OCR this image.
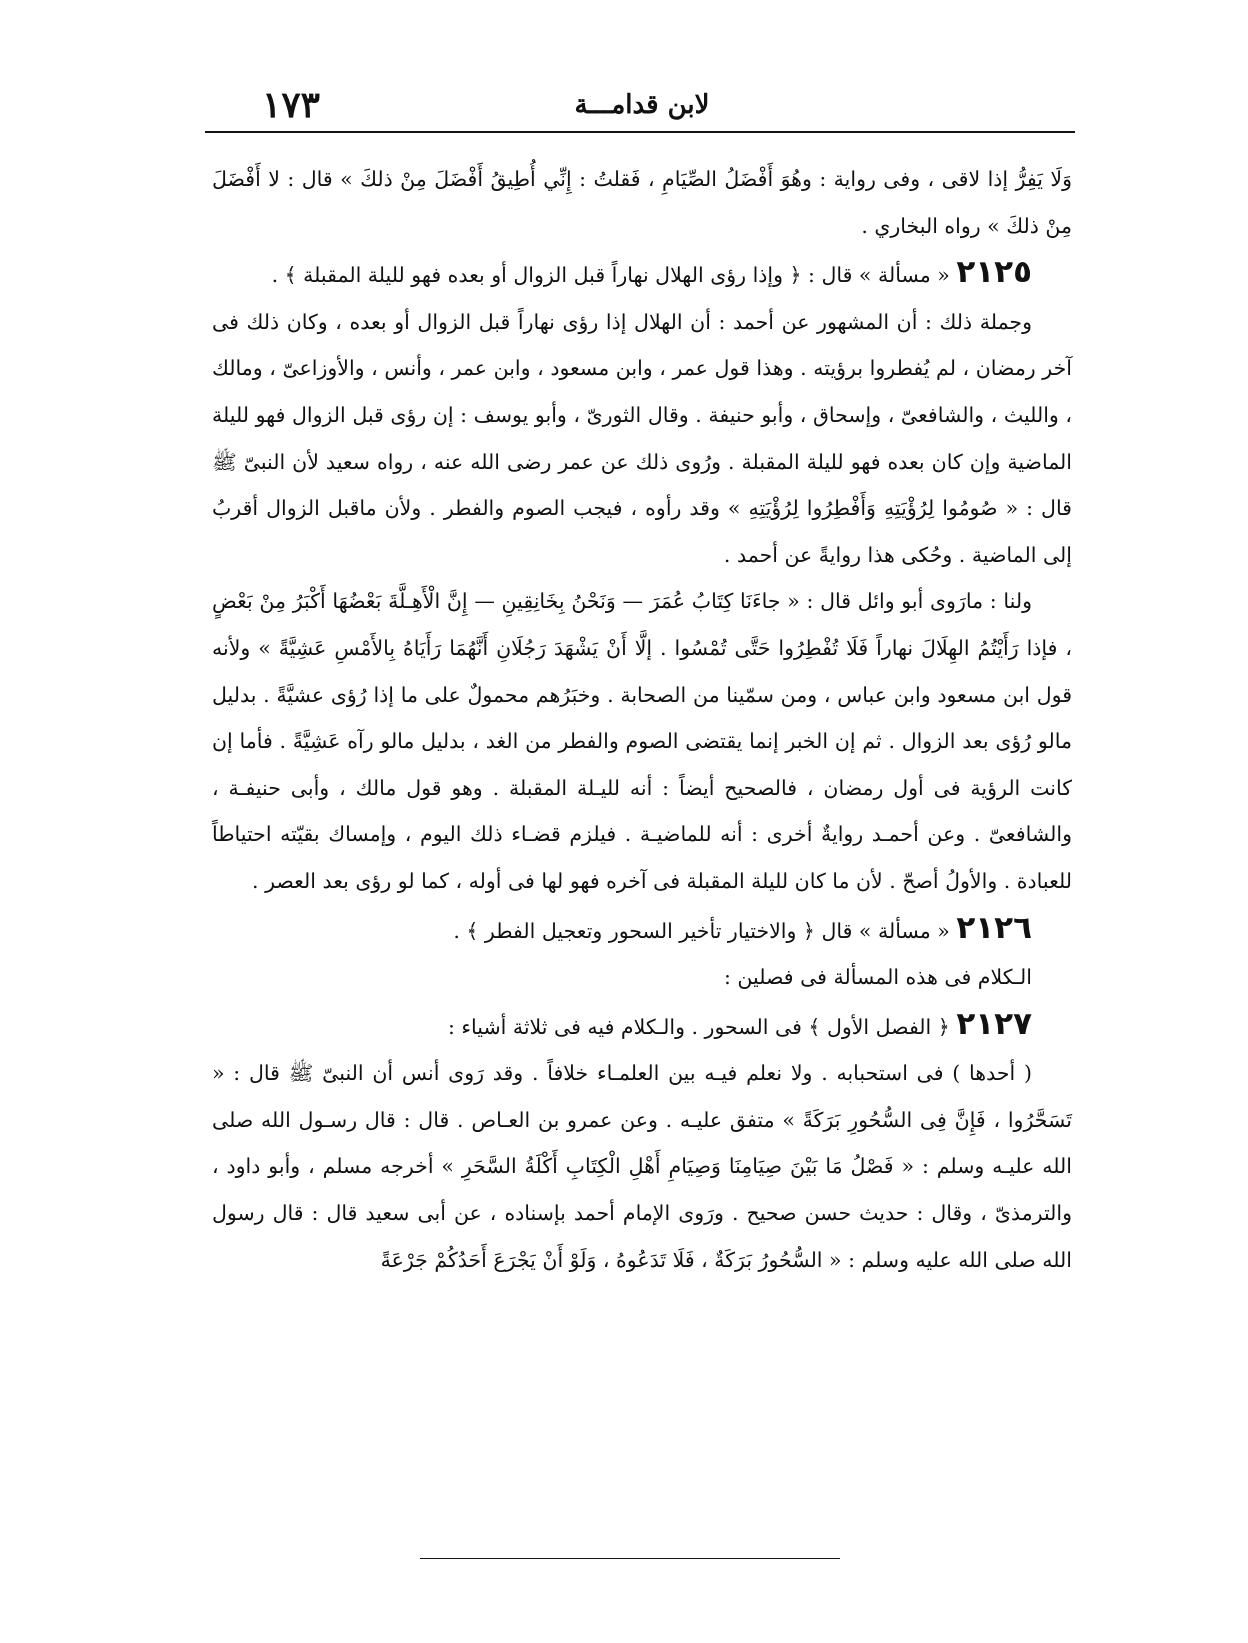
١٧٣	لابن قدامـــة

وَلَا يَفِرُّ إذا لاقى ، وفى رواية : وهُوَ أَفْضَلُ الصِّيَامِ ، فَقلتُ : إِنِّي أُطِيقُ أَفْضَلَ مِنْ ذلكَ » قال : لا أَفْضَلَ مِنْ ذلكَ » رواه البخاري .

٢١٢٥ « مسألة » قال : ﴿ وإذا رؤى الهلال نهاراً قبل الزوال أو بعده فهو لليلة المقبلة ﴾ .

وجملة ذلك : أن المشهور عن أحمد : أن الهلال إذا رؤى نهاراً قبل الزوال أو بعده ، وكان ذلك فى آخر رمضان ، لم يُفطروا برؤيته . وهذا قول عمر ، وابن مسعود ، وابن عمر ، وأنس ، والأوزاعىّ ، ومالك ، والليث ، والشافعىّ ، وإسحاق ، وأبو حنيفة . وقال الثورىّ ، وأبو يوسف : إن رؤى قبل الزوال فهو لليلة الماضية وإن كان بعده فهو لليلة المقبلة . ورُوى ذلك عن عمر رضى الله عنه ، رواه سعيد لأن النبىّ ﷺ قال : « صُومُوا لِرُؤْيَتِهِ وَأَفْطِرُوا لِرُؤْيَتِهِ » وقد رأوه ، فيجب الصوم والفطر . ولأن ماقبل الزوال أقربُ إلى الماضية . وحُكى هذا روايةً عن أحمد .

ولنا : مارَوى أبو وائل قال : « جاءَنَا كِتَابُ عُمَرَ — وَنَحْنُ بِخَانِقِينِ — إِنَّ الْأَهِـلَّةَ بَعْضُهَا أَكْبَرُ مِنْ بَعْضٍ ، فإذا رَأَيْتُمُ الهِلَالَ نهاراً فَلَا تُفْطِرُوا حَتَّى تُمْسُوا . إلَّا أَنْ يَشْهَدَ رَجُلَانِ أَنَّهُمَا رَأَيَاهُ بِالأَمْسِ عَشِيَّةً » ولأنه قول ابن مسعود وابن عباس ، ومن سمّينا من الصحابة . وخبَرُهم محمولٌ على ما إذا رُؤى عشيَّةً . بدليل مالو رُؤى بعد الزوال . ثم إن الخبر إنما يقتضى الصوم والفطر من الغد ، بدليل مالو رآه عَشِيَّةً . فأما إن كانت الرؤية فى أول رمضان ، فالصحيح أيضاً : أنه لليـلة المقبلة . وهو قول مالك ، وأبى حنيفـة ، والشافعىّ . وعن أحمـد روايةٌ أخرى : أنه للماضيـة . فيلزم قضـاء ذلك اليوم ، وإمساك بقيّته احتياطاً للعبادة . والأولُ أصحّ . لأن ما كان لليلة المقبلة فى آخره فهو لها فى أوله ، كما لو رؤى بعد العصر .

٢١٢٦ « مسألة » قال ﴿ والاختيار تأخير السحور وتعجيل الفطر ﴾ .

الـكلام فى هذه المسألة فى فصلين :

٢١٢٧ ﴿ الفصل الأول ﴾ فى السحور . والـكلام فيه فى ثلاثة أشياء :

( أحدها ) فى استحبابه . ولا نعلم فيـه بين العلمـاء خلافاً . وقد رَوى أنس أن النبىّ ﷺ قال : « تَسَحَّرُوا ، فَإِنَّ فِى السُّحُورِ بَرَكَةً » متفق عليـه . وعن عمرو بن العـاص . قال : قال رسـول الله صلى الله عليـه وسلم : « فَصْلُ مَا بَيْنَ صِيَامِنَا وَصِيَامِ أَهْلِ الْكِتَابِ أَكْلَةُ السَّحَرِ » أخرجه مسلم ، وأبو داود ، والترمذىّ ، وقال : حديث حسن صحيح . ورَوى الإمام أحمد بإسناده ، عن أبى سعيد قال : قال رسول الله صلى الله عليه وسلم : « السُّحُورُ بَرَكَةٌ ، فَلَا تَدَعُوهُ ، وَلَوْ أَنْ يَجْرَعَ أَحَدُكُمْ جَرْعَةً
